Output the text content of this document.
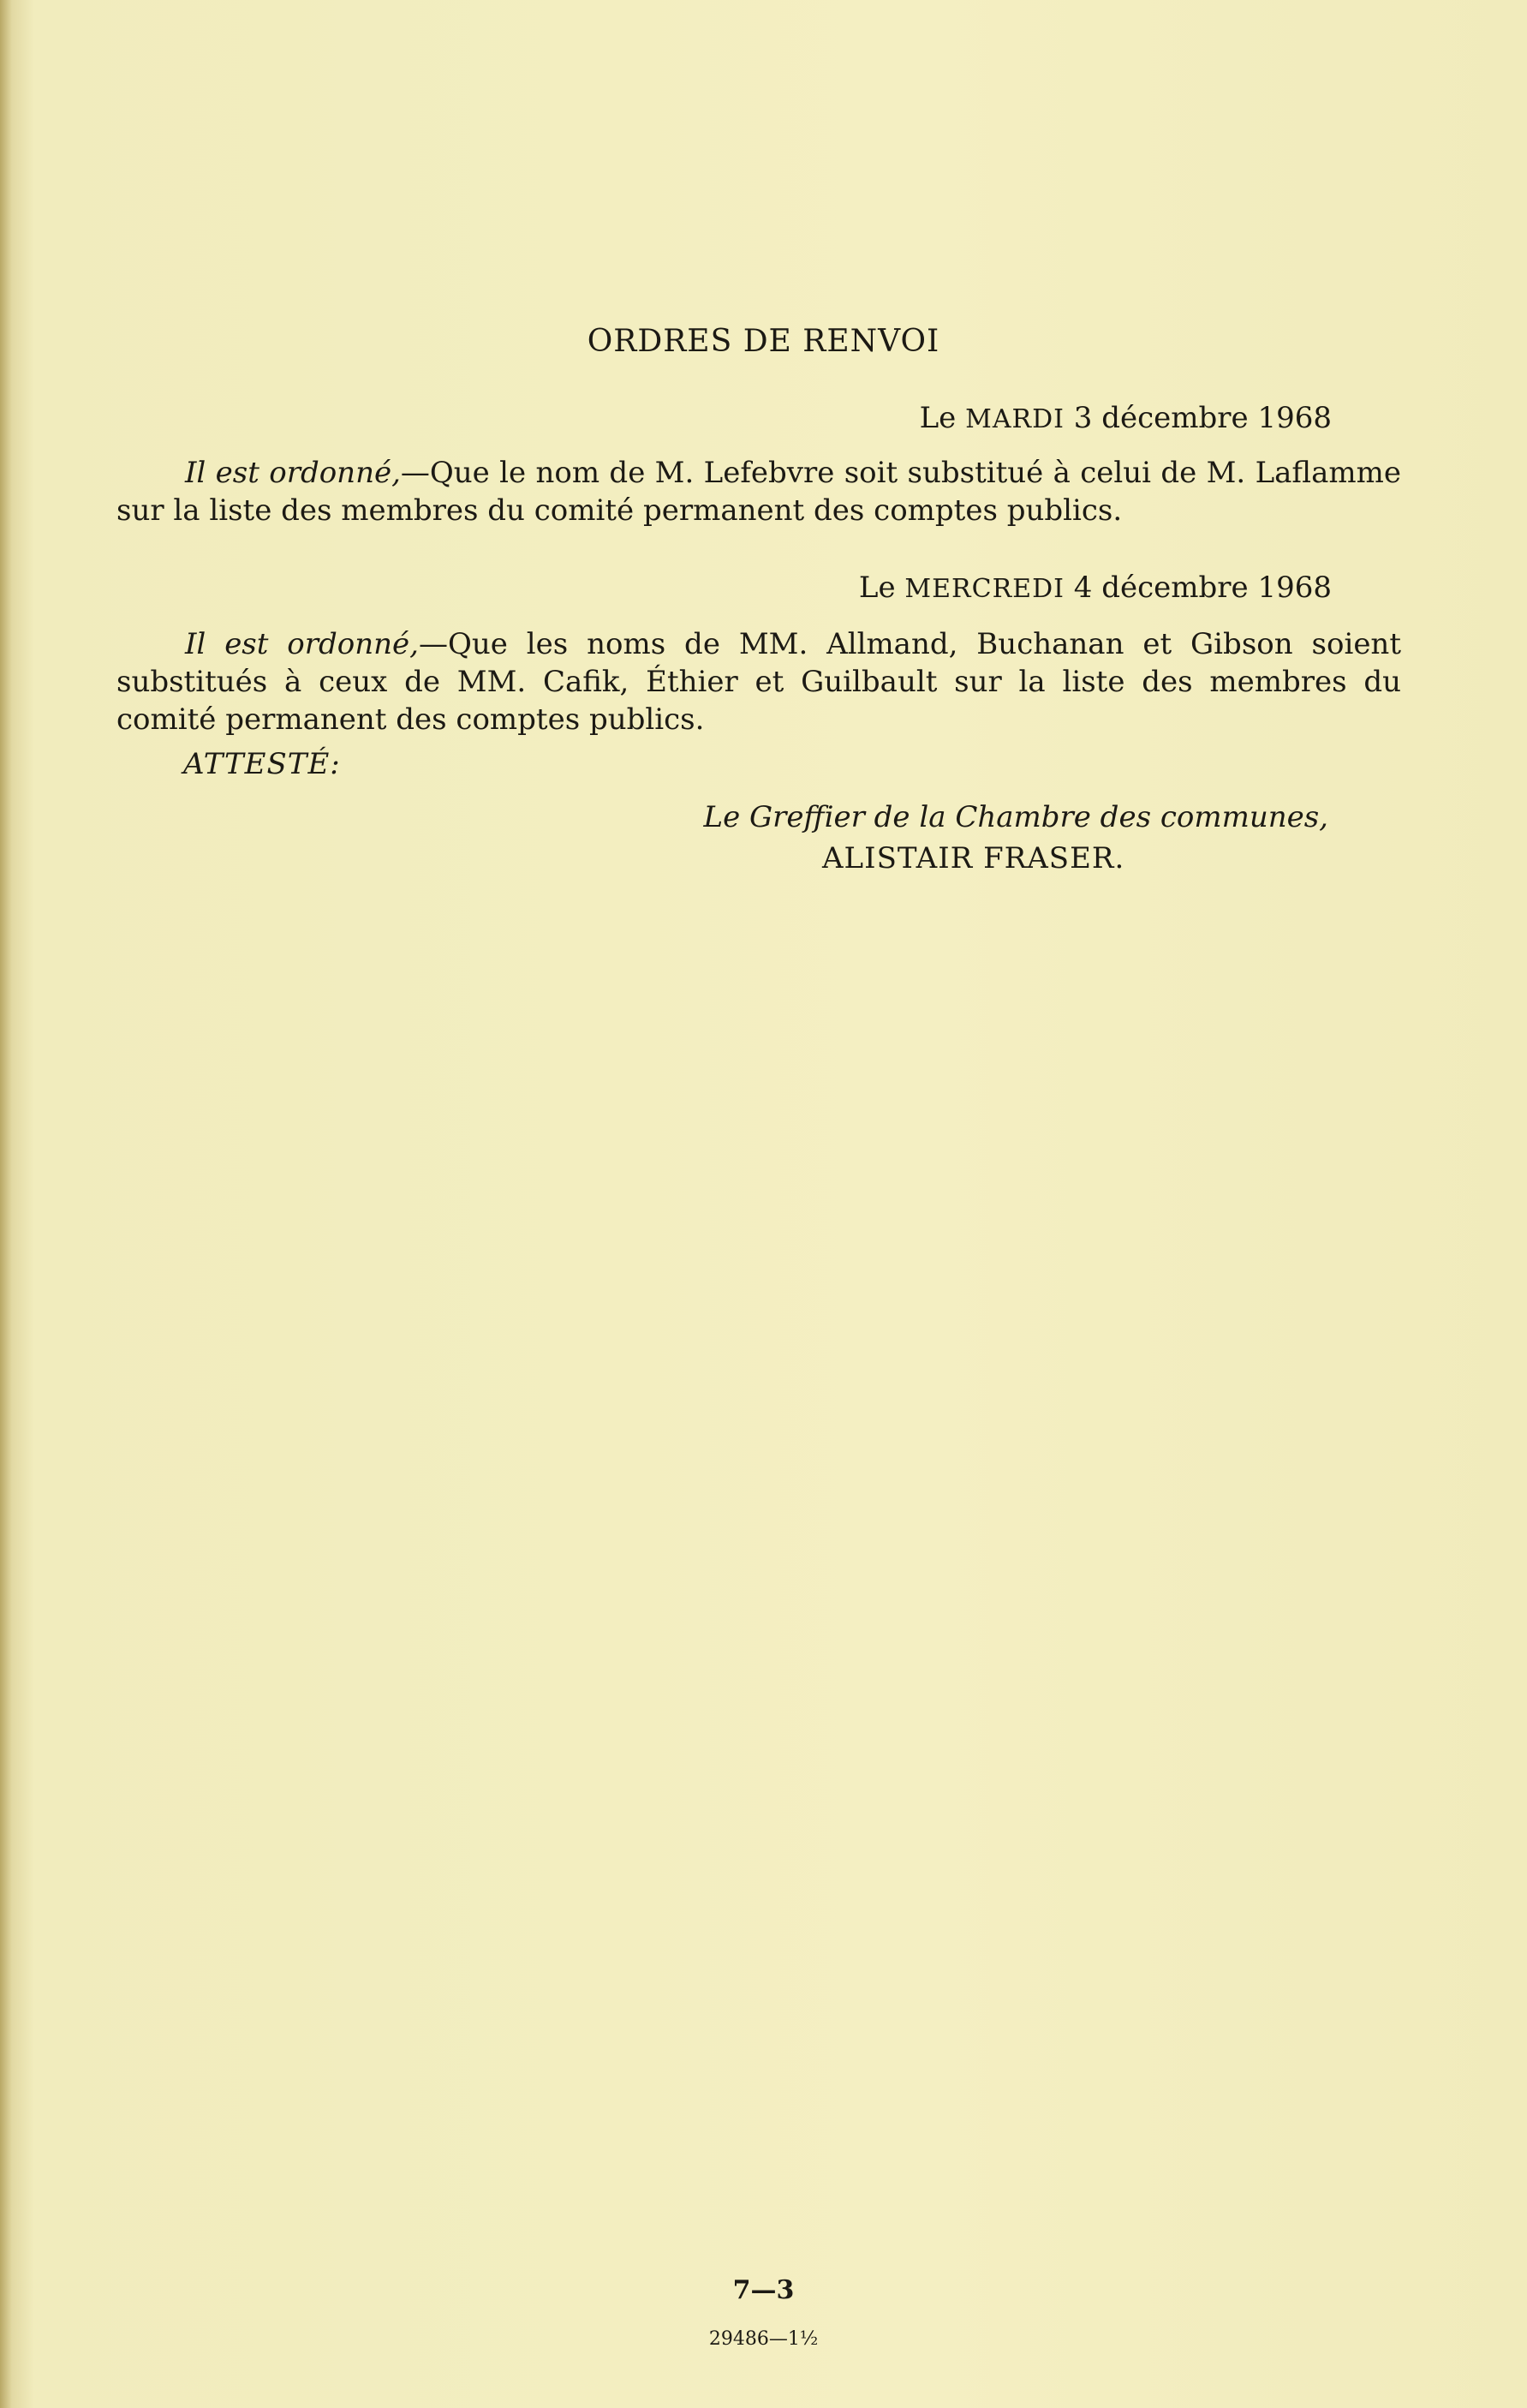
ORDRES DE RENVOI
Le MARDI 3 décembre 1968
Il est ordonné,—Que le nom de M. Lefebvre soit substitué à celui de M. Laflamme sur la liste des membres du comité permanent des comptes publics.
Le MERCREDI 4 décembre 1968
Il est ordonné,—Que les noms de MM. Allmand, Buchanan et Gibson soient substitués à ceux de MM. Cafik, Éthier et Guilbault sur la liste des membres du comité permanent des comptes publics.
ATTESTÉ:
Le Greffier de la Chambre des communes,
ALISTAIR FRASER.
7—3
29486—1½
